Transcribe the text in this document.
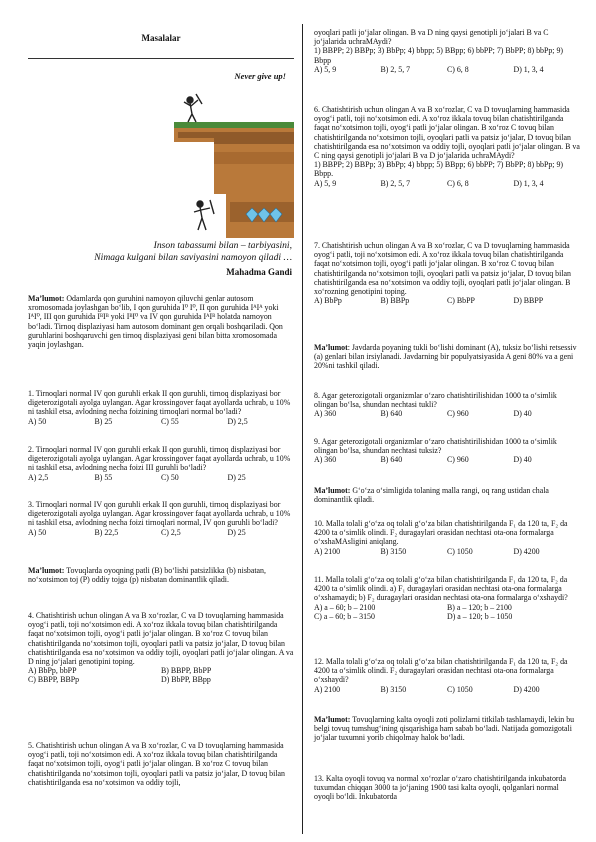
Masalalar
Never give up!

Inson tabassumi bilan – tarbiyasini,

Nimaga kulgani bilan saviyasini namoyon qiladi …

Mahadma Gandi

Ma’lumot: Odamlarda qon guruhini namoyon qiluvchi genlar autosom xromosomada joylashgan bo‘lib, I qon guruhida I⁰ I⁰, II qon guruhida IᴬIᴬ yoki IᴬI⁰, III qon guruhida IᴮIᴮ yoki IᴮI⁰ va IV qon guruhida IᴬIᴮ holatda namoyon bo‘ladi. Tirnoq displaziyasi ham autosom dominant gen orqali boshqariladi. Qon guruhlarini boshqaruvchi gen tirnoq displaziyasi geni bilan bitta xromosomada yaqin joylashgan.

1. Tirnoqlari normal IV qon guruhli erkak II qon guruhli, tirnoq displaziyasi bor digeterozigotali ayolga uylangan. Agar krossingover faqat ayollarda uchrab, u 10% ni tashkil etsa, avlodning necha foizining tirnoqlari normal bo‘ladi?

A) 50	B) 25	C) 55	D) 2,5

2. Tirnoqlari normal IV qon guruhli erkak II qon guruhli, tirnoq displaziyasi bor digeterozigotali ayolga uylangan. Agar krossingover faqat ayollarda uchrab, u 10% ni tashkil etsa, avlodning necha foizi III guruhli bo‘ladi?

A) 2,5	B) 55	C) 50	D) 25

3. Tirnoqlari normal IV qon guruhli erkak II qon guruhli, tirnoq displaziyasi bor digeterozigotali ayolga uylangan. Agar krossingover faqat ayollarda uchrab, u 10% ni tashkil etsa, avlodning necha foizi tirnoqlari normal, IV qon guruhli bo‘ladi?

A) 50	B) 22,5	C) 2,5	D) 25

Ma’lumot: Tovuqlarda oyoqning patli (B) bo‘lishi patsizlikka (b) nisbatan, no‘xotsimon toj (P) oddiy tojga (p) nisbatan dominantlik qiladi.

4. Chatishtirish uchun olingan A va B xo‘rozlar, C va D tovuqlarning hammasida oyog‘i patli, toji no‘xotsimon edi. A xo‘roz ikkala tovuq bilan chatishtirilganda faqat no‘xotsimon tojli, oyog‘i patli jo‘jalar olingan. B xo‘roz C tovuq bilan chatishtirilganda no‘xotsimon tojli, oyoqlari patli va patsiz jo‘jalar, D tovuq bilan chatishtirilganda esa no‘xotsimon va oddiy tojli, oyoqlari patli jo‘jalar olingan. A va D ning jo‘jalari genotipini toping.

A) BbPp, bbPP	B) BBPP, BbPP
C) BBPP, BBPp	D) BbPP, BBpp

5. Chatishtirish uchun olingan A va B xo‘rozlar, C va D tovuqlarning hammasida oyog‘i patli, toji no‘xotsimon edi. A xo‘roz ikkala tovuq bilan chatishtirilganda faqat no‘xotsimon tojli, oyog‘i patli jo‘jalar olingan. B xo‘roz C tovuq bilan chatishtirilganda no‘xotsimon tojli, oyoqlari patli va patsiz jo‘jalar, D tovuq bilan chatishtirilganda esa no‘xotsimon va oddiy tojli,

oyoqlari patli jo‘jalar olingan. B va D ning qaysi genotipli jo‘jalari B va C jo‘jalarida uchraMAydi?

1) BBPP; 2) BBPp; 3) BbPp; 4) bbpp; 5) BBpp; 6) bbPP; 7) BbPP; 8) bbPp; 9) Bbpp

A) 5, 9	B) 2, 5, 7	C) 6, 8	D) 1, 3, 4

6. Chatishtirish uchun olingan A va B xo‘rozlar, C va D tovuqlarning hammasida oyog‘i patli, toji no‘xotsimon edi. A xo‘roz ikkala tovuq bilan chatishtirilganda faqat no‘xotsimon tojli, oyog‘i patli jo‘jalar olingan. B xo‘roz C tovuq bilan chatishtirilganda no‘xotsimon tojli, oyoqlari patli va patsiz jo‘jalar, D tovuq bilan chatishtirilganda esa no‘xotsimon va oddiy tojli, oyoqlari patli jo‘jalar olingan. B va C ning qaysi genotipli jo‘jalari B va D jo‘jalarida uchraMAydi?

1) BBPP; 2) BBPp; 3) BbPp; 4) bbpp; 5) BBpp; 6) bbPP; 7) BbPP; 8) bbPp; 9) Bbpp.

A) 5, 9	B) 2, 5, 7	C) 6, 8	D) 1, 3, 4

7. Chatishtirish uchun olingan A va B xo‘rozlar, C va D tovuqlarning hammasida oyog‘i patli, toji no‘xotsimon edi. A xo‘roz ikkala tovuq bilan chatishtirilganda faqat no‘xotsimon tojli, oyog‘i patli jo‘jalar olingan. B xo‘roz C tovuq bilan chatishtirilganda no‘xotsimon tojli, oyoqlari patli va patsiz jo‘jalar, D tovuq bilan chatishtirilganda esa no‘xotsimon va oddiy tojli, oyoqlari patli jo‘jalar olingan. B xo‘rozning genotipini toping.

A) BbPp	B) BBPp	C) BbPP	D) BBPP

Ma’lumot: Javdarda poyaning tukli bo‘lishi dominant (A), tuksiz bo‘lishi retsessiv (a) genlari bilan irsiylanadi. Javdarning bir populyatsiyasida A geni 80% va a geni 20%ni tashkil qiladi.

8. Agar geterozigotali organizmlar o‘zaro chatishtirilishidan 1000 ta o‘simlik olingan bo‘lsa, shundan nechtasi tukli?

A) 360	B) 640	C) 960	D) 40

9. Agar geterozigotali organizmlar o‘zaro chatishtirilishidan 1000 ta o‘simlik olingan bo‘lsa, shundan nechtasi tuksiz?

A) 360	B) 640	C) 960	D) 40

Ma’lumot: G‘o‘za o‘simligida tolaning malla rangi, oq rang ustidan chala dominantlik qiladi.

10. Malla tolali g‘o‘za oq tolali g‘o‘za bilan chatishtirilganda F₁ da 120 ta, F₂ da 4200 ta o‘simlik olindi. F₂ duragaylari orasidan nechtasi ota-ona formalarga o‘xshaMAsligini aniqlang.

A) 2100	B) 3150	C) 1050	D) 4200

11. Malla tolali g‘o‘za oq tolali g‘o‘za bilan chatishtirilganda F₁ da 120 ta, F₂ da 4200 ta o‘simlik olindi. a) F₁ duragaylari orasidan nechtasi ota-ona formalarga o‘xshamaydi; b) F₂ duragaylari orasidan nechtasi ota-ona formalarga o‘xshaydi?

A) a – 60; b – 2100	B) a – 120; b – 2100
C) a – 60; b – 3150	D) a – 120; b – 1050

12. Malla tolali g‘o‘za oq tolali g‘o‘za bilan chatishtirilganda F₁ da 120 ta, F₂ da 4200 ta o‘simlik olindi. F₂ duragaylari orasidan nechtasi ota-ona formalarga o‘xshaydi?

A) 2100	B) 3150	C) 1050	D) 4200

Ma’lumot: Tovuqlarning kalta oyoqli zoti polizlarni titkilab tashlamaydi, lekin bu belgi tovuq tumshug‘ining qisqarishiga ham sabab bo‘ladi. Natijada gomozigotali jo‘jalar tuxumni yorib chiqolmay halok bo‘ladi.

13. Kalta oyoqli tovuq va normal xo‘rozlar o‘zaro chatishtirilganda inkubatorda tuxumdan chiqqan 3000 ta jo‘janing 1900 tasi kalta oyoqli, qolganlari normal oyoqli bo‘ldi. Inkubatorda
